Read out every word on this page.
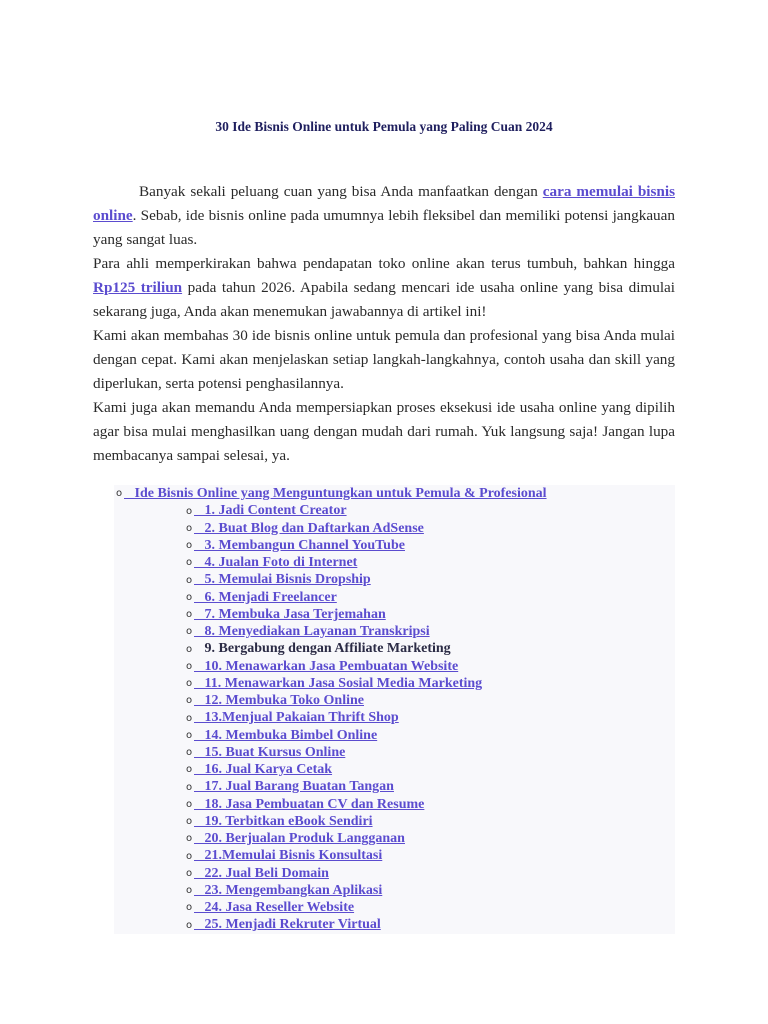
30 Ide Bisnis Online untuk Pemula yang Paling Cuan 2024

Banyak sekali peluang cuan yang bisa Anda manfaatkan dengan cara memulai bisnis online. Sebab, ide bisnis online pada umumnya lebih fleksibel dan memiliki potensi jangkauan yang sangat luas.

Para ahli memperkirakan bahwa pendapatan toko online akan terus tumbuh, bahkan hingga Rp125 triliun pada tahun 2026. Apabila sedang mencari ide usaha online yang bisa dimulai sekarang juga, Anda akan menemukan jawabannya di artikel ini!

Kami akan membahas 30 ide bisnis online untuk pemula dan profesional yang bisa Anda mulai dengan cepat. Kami akan menjelaskan setiap langkah-langkahnya, contoh usaha dan skill yang diperlukan, serta potensi penghasilannya.

Kami juga akan memandu Anda mempersiapkan proses eksekusi ide usaha online yang dipilih agar bisa mulai menghasilkan uang dengan mudah dari rumah. Yuk langsung saja! Jangan lupa membacanya sampai selesai, ya.

o   Ide Bisnis Online yang Menguntungkan untuk Pemula & Profesional
o   1. Jadi Content Creator
o   2. Buat Blog dan Daftarkan AdSense
o   3. Membangun Channel YouTube
o   4. Jualan Foto di Internet
o   5. Memulai Bisnis Dropship
o   6. Menjadi Freelancer
o   7. Membuka Jasa Terjemahan
o   8. Menyediakan Layanan Transkripsi
o   9. Bergabung dengan Affiliate Marketing
o   10. Menawarkan Jasa Pembuatan Website
o   11. Menawarkan Jasa Sosial Media Marketing
o   12. Membuka Toko Online
o   13.Menjual Pakaian Thrift Shop
o   14. Membuka Bimbel Online
o   15. Buat Kursus Online
o   16. Jual Karya Cetak
o   17. Jual Barang Buatan Tangan
o   18. Jasa Pembuatan CV dan Resume
o   19. Terbitkan eBook Sendiri
o   20. Berjualan Produk Langganan
o   21.Memulai Bisnis Konsultasi
o   22. Jual Beli Domain
o   23. Mengembangkan Aplikasi
o   24. Jasa Reseller Website
o   25. Menjadi Rekruter Virtual
